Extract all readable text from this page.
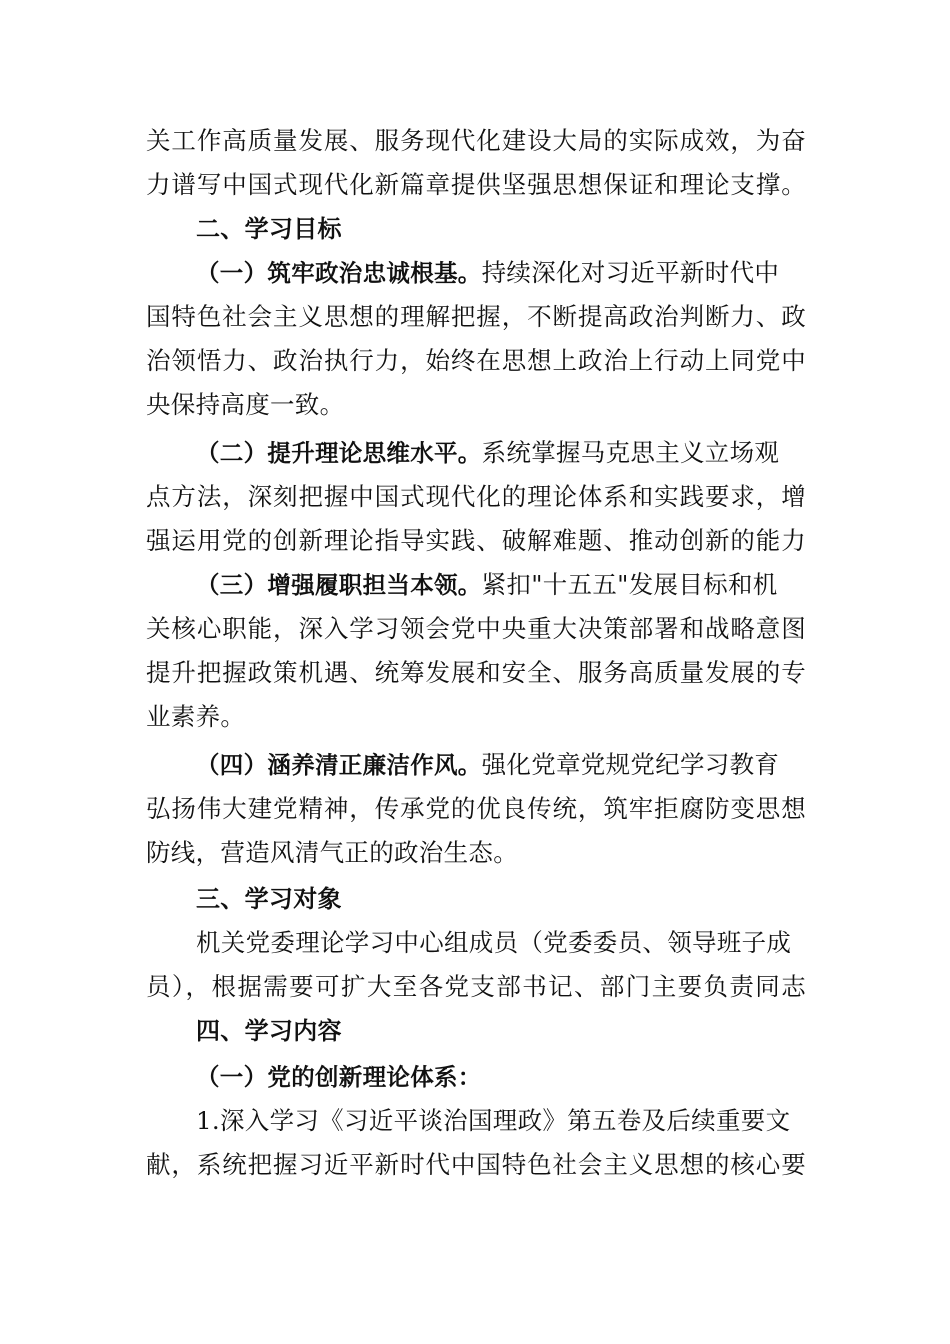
关工作高质量发展、服务现代化建设大局的实际成效，为奋
力谱写中国式现代化新篇章提供坚强思想保证和理论支撑。
二、学习目标
（一）筑牢政治忠诚根基。持续深化对习近平新时代中
国特色社会主义思想的理解把握，不断提高政治判断力、政
治领悟力、政治执行力，始终在思想上政治上行动上同党中
央保持高度一致。
（二）提升理论思维水平。系统掌握马克思主义立场观
点方法，深刻把握中国式现代化的理论体系和实践要求，增
强运用党的创新理论指导实践、破解难题、推动创新的能力
（三）增强履职担当本领。紧扣"十五五"发展目标和机
关核心职能，深入学习领会党中央重大决策部署和战略意图
提升把握政策机遇、统筹发展和安全、服务高质量发展的专
业素养。
（四）涵养清正廉洁作风。强化党章党规党纪学习教育
弘扬伟大建党精神，传承党的优良传统，筑牢拒腐防变思想
防线，营造风清气正的政治生态。
三、学习对象
机关党委理论学习中心组成员（党委委员、领导班子成
员），根据需要可扩大至各党支部书记、部门主要负责同志
四、学习内容
（一）党的创新理论体系：
1.深入学习《习近平谈治国理政》第五卷及后续重要文
献，系统把握习近平新时代中国特色社会主义思想的核心要
